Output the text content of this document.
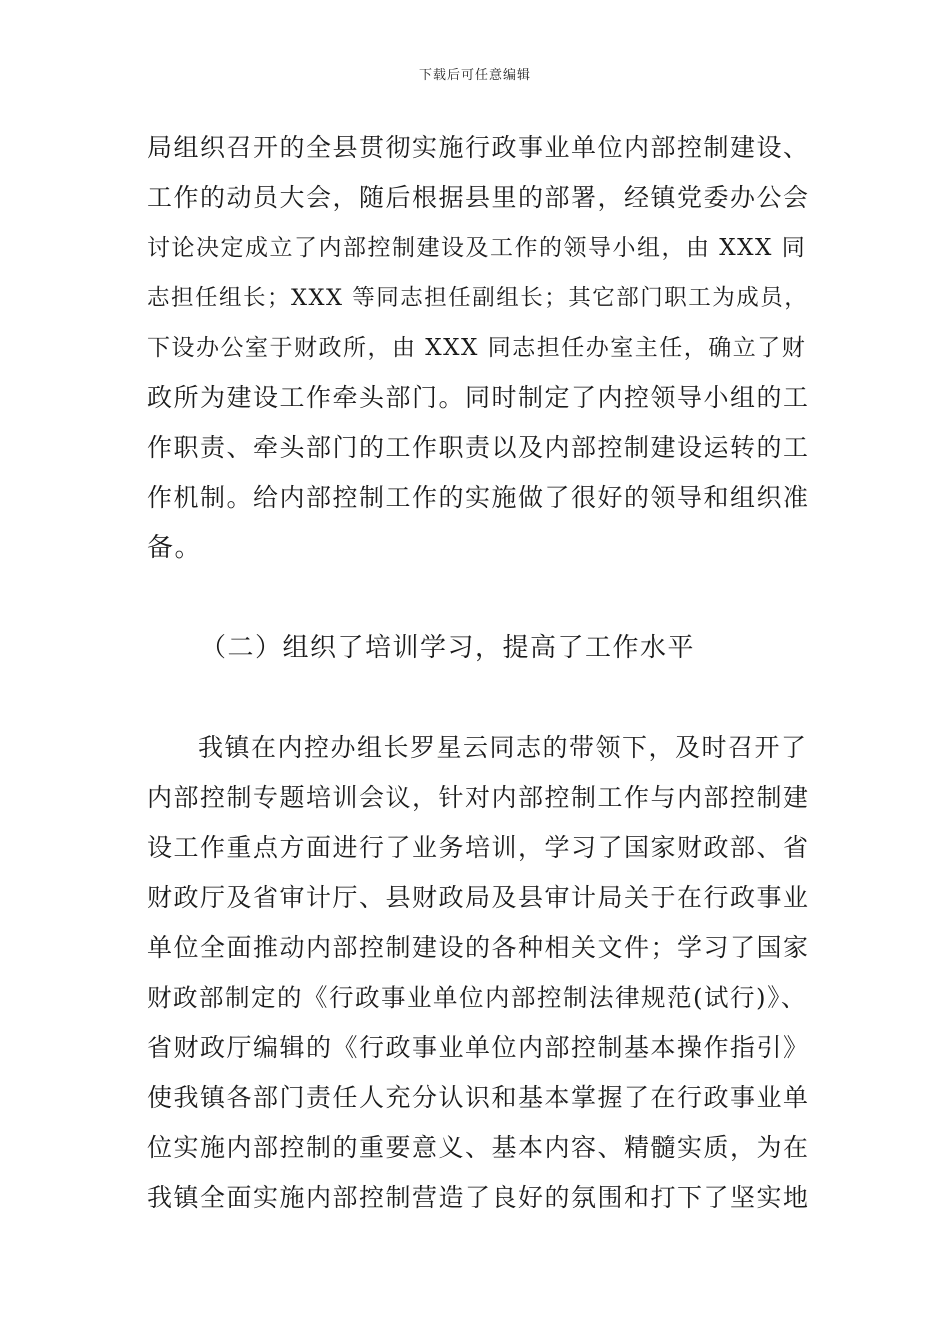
下载后可任意编辑
局组织召开的全县贯彻实施行政事业单位内部控制建设、
工作的动员大会，随后根据县里的部署，经镇党委办公会
讨论决定成立了内部控制建设及工作的领导小组，由 XXX 同
志担任组长；XXX 等同志担任副组长；其它部门职工为成员，
下设办公室于财政所，由 XXX 同志担任办室主任，确立了财
政所为建设工作牵头部门。同时制定了内控领导小组的工
作职责、牵头部门的工作职责以及内部控制建设运转的工
作机制。给内部控制工作的实施做了很好的领导和组织准
备。
（二）组织了培训学习，提高了工作水平
我镇在内控办组长罗星云同志的带领下，及时召开了
内部控制专题培训会议，针对内部控制工作与内部控制建
设工作重点方面进行了业务培训，学习了国家财政部、省
财政厅及省审计厅、县财政局及县审计局关于在行政事业
单位全面推动内部控制建设的各种相关文件；学习了国家
财政部制定的《行政事业单位内部控制法律规范(试行)》、
省财政厅编辑的《行政事业单位内部控制基本操作指引》
使我镇各部门责任人充分认识和基本掌握了在行政事业单
位实施内部控制的重要意义、基本内容、精髓实质，为在
我镇全面实施内部控制营造了良好的氛围和打下了坚实地
